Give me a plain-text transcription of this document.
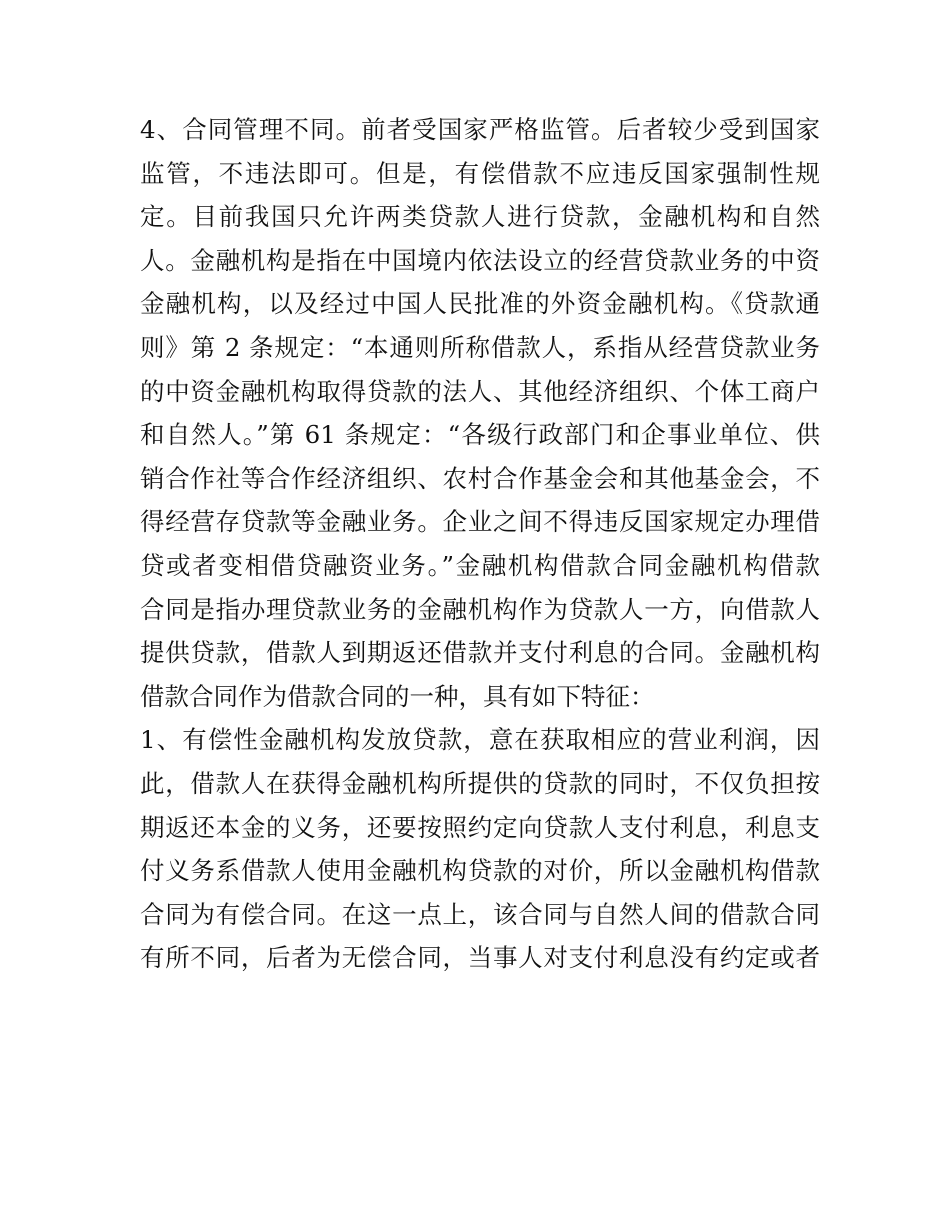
4、合同管理不同。前者受国家严格监管。后者较少受到国家
监管，不违法即可。但是，有偿借款不应违反国家强制性规
定。目前我国只允许两类贷款人进行贷款，金融机构和自然
人。金融机构是指在中国境内依法设立的经营贷款业务的中资
金融机构，以及经过中国人民批准的外资金融机构。《贷款通
则》第 2 条规定：“本通则所称借款人，系指从经营贷款业务
的中资金融机构取得贷款的法人、其他经济组织、个体工商户
和自然人。”第 61 条规定：“各级行政部门和企事业单位、供
销合作社等合作经济组织、农村合作基金会和其他基金会，不
得经营存贷款等金融业务。企业之间不得违反国家规定办理借
贷或者变相借贷融资业务。”金融机构借款合同金融机构借款
合同是指办理贷款业务的金融机构作为贷款人一方，向借款人
提供贷款，借款人到期返还借款并支付利息的合同。金融机构
借款合同作为借款合同的一种，具有如下特征：
1、有偿性金融机构发放贷款，意在获取相应的营业利润，因
此，借款人在获得金融机构所提供的贷款的同时，不仅负担按
期返还本金的义务，还要按照约定向贷款人支付利息，利息支
付义务系借款人使用金融机构贷款的对价，所以金融机构借款
合同为有偿合同。在这一点上，该合同与自然人间的借款合同
有所不同，后者为无偿合同，当事人对支付利息没有约定或者
